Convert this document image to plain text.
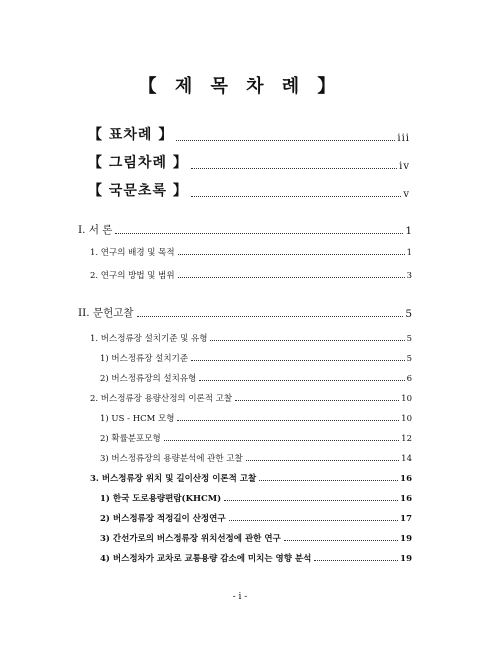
【 제 목 차 례 】
【 표차례 】	iii
【 그림차례 】	iv
【 국문초록 】	v
I. 서 론	1
1. 연구의 배경 및 목적	1
2. 연구의 방법 및 범위	3
II. 문헌고찰	5
1. 버스정류장 설치기준 및 유형	5
1) 버스정류장 설치기준	5
2) 버스정류장의 설치유형	6
2. 버스정류장 용량산정의 이론적 고찰	10
1) US - HCM 모형	10
2) 확률분포모형	12
3) 버스정류장의 용량분석에 관한 고찰	14
3. 버스정류장 위치 및 길이산정 이론적 고찰	16
1) 한국 도로용량편람(KHCM)	16
2) 버스정류장 적정길이 산정연구	17
3) 간선가로의 버스정류장 위치선정에 관한 연구	19
4) 버스정차가 교차로 교통용량 감소에 미치는 영향 분석	19
- i -
